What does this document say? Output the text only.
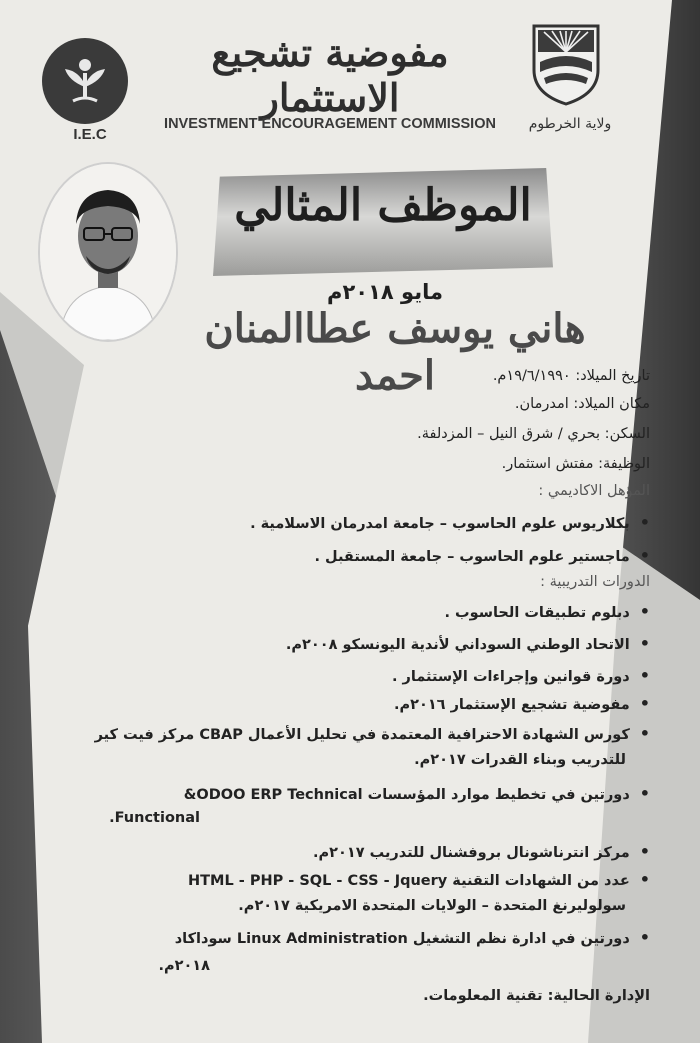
I.E.C
مفوضية تشجيع الاستثمار
INVESTMENT ENCOURAGEMENT COMMISSION	ولاية الخرطوم
الموظف المثالي
مايو ٢٠١٨م
هاني يوسف عطاالمنان احمد	تاريخ الميلاد: ١٩/٦/١٩٩٠م.
مكان الميلاد: امدرمان.
السكن: بحري / شرق النيل – المزدلفة.
الوظيفة: مفتش استثمار.
المؤهل الاكاديمي :
• بكلاريوس علوم الحاسوب – جامعة امدرمان الاسلامية .
• ماجستير علوم الحاسوب – جامعة المستقبل .
الدورات التدريبية :
• دبلوم تطبيقات الحاسوب .
• الاتحاد الوطني السوداني لأندية اليونسكو ٢٠٠٨م.
• دورة قوانين وإجراءات الإستثمار .
• مفوضية تشجيع الإستثمار ٢٠١٦م.
• كورس الشهادة الاحترافية المعتمدة في تحليل الأعمال CBAP مركز فيت كير
للتدريب وبناء القدرات ٢٠١٧م.
• دورتين في تخطيط موارد المؤسسات ODOO ERP Technical&
Functional.
• مركز انترناشونال بروفشنال للتدريب ٢٠١٧م.
• عدد من الشهادات التقنية HTML - PHP - SQL - CSS - Jquery
سولوليرنغ المتحدة – الولايات المتحدة الامريكية ٢٠١٧م.
• دورتين في ادارة نظم التشغيل Linux Administration سوداكاد
٢٠١٨م.
الإدارة الحالية: تقنية المعلومات.
